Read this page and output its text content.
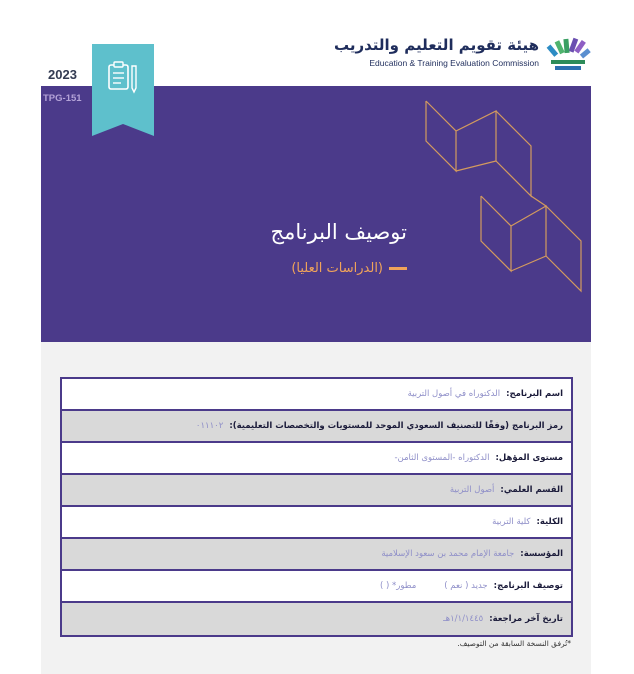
هيئة تقويم التعليم والتدريب
Education & Training Evaluation Commission
2023
TPG-151
توصيف البرنامج
(الدراسات العليا)
اسم البرنامج:
الدكتوراه في أصول التربية
رمز البرنامج (وفقًا للتصنيف السعودي الموحد للمستويات والتخصصات التعليمية):
٠١١١٠٢
مستوى المؤهل:
الدكتوراه -المستوى الثامن-
القسم العلمي:
أصول التربية
الكلية:
كلية التربية
المؤسسة:
جامعة الإمام محمد بن سعود الإسلامية
توصيف البرنامج:
جديد ( نعم )
مطور* ( )
تاريخ آخر مراجعة:
١/١/١٤٤٥هـ
*تُرفق النسخة السابقة من التوصيف.
